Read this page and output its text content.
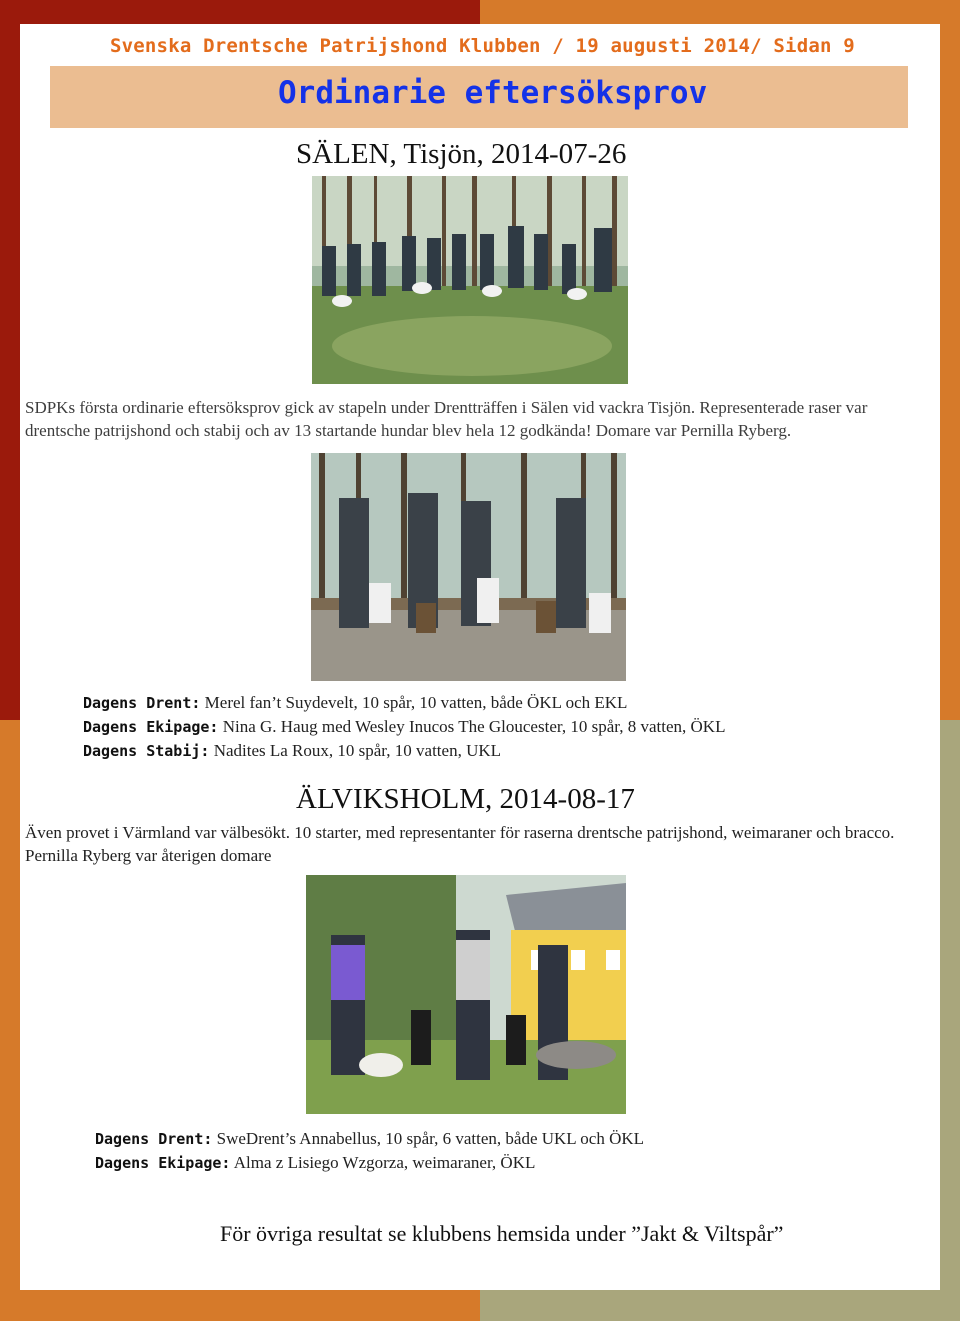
Svenska Drentsche Patrijshond Klubben / 19 augusti 2014/ Sidan 9
Ordinarie eftersöksprov
SÄLEN, Tisjön, 2014-07-26

SDPKs första ordinarie eftersöksprov gick av stapeln under Drentträffen i Sälen vid vackra Tisjön. Representerade raser var drentsche patrijshond och stabij och av 13 startande hundar blev hela 12 godkända! Domare var Pernilla Ryberg.

Dagens Drent: Merel fan’t Suydevelt, 10 spår, 10 vatten, både ÖKL och EKL
Dagens Ekipage: Nina G. Haug med Wesley Inucos The Gloucester, 10 spår, 8 vatten, ÖKL
Dagens Stabij: Nadites La Roux, 10 spår, 10 vatten, UKL
ÄLVIKSHOLM, 2014-08-17

Även provet i Värmland var välbesökt. 10 starter, med representanter för raserna drentsche patrijshond, weimaraner och bracco. Pernilla Ryberg var återigen domare

Dagens Drent: SweDrent’s Annabellus, 10 spår, 6 vatten, både UKL och ÖKL
Dagens Ekipage: Alma z Lisiego Wzgorza, weimaraner, ÖKL

För övriga resultat se klubbens hemsida under ”Jakt & Viltspår”
